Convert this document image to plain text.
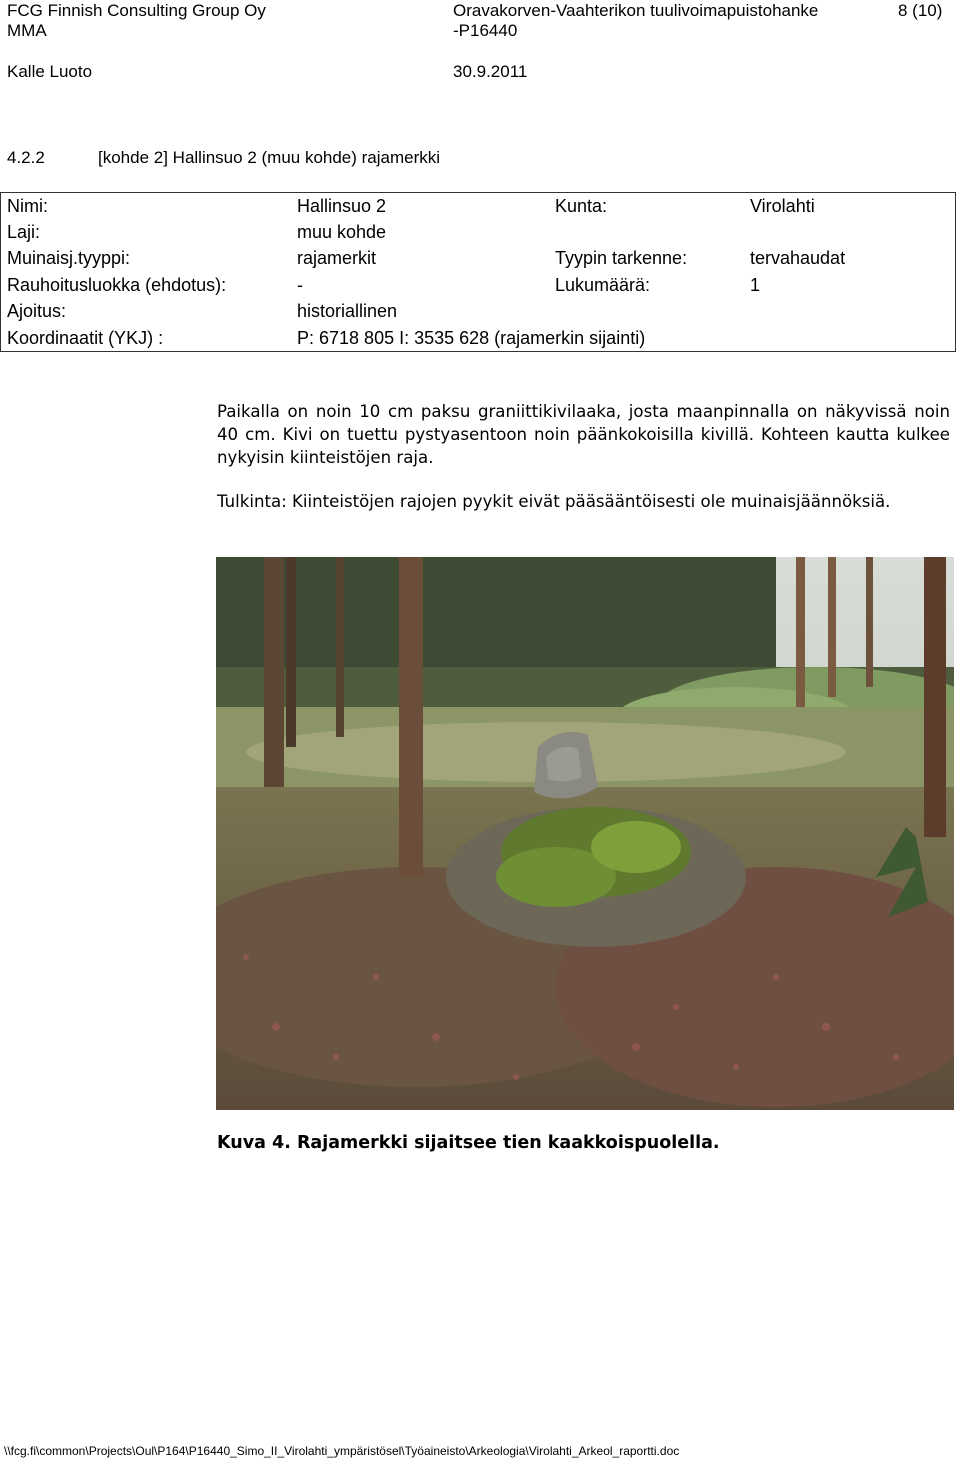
FCG Finnish Consulting Group Oy
MMA
Kalle Luoto
Oravakorven-Vaahterikon tuulivoimapuistohanke
-P16440
30.9.2011
8 (10)
4.2.2	[kohde 2] Hallinsuo 2 (muu kohde) rajamerkki
Nimi:	Hallinsuo 2	Kunta:	Virolahti
Laji:	muu kohde		
Muinaisj.tyyppi:	rajamerkit	Tyypin tarkenne:	tervahaudat
Rauhoitusluokka (ehdotus):	-	Lukumäärä:	1
Ajoitus:	historiallinen		
Koordinaatit (YKJ) :	P: 6718 805 I: 3535 628 (rajamerkin sijainti)		
Paikalla on noin 10 cm paksu graniittikivilaaka, josta maanpinnalla on näkyvissä noin 40 cm. Kivi on tuettu pystyasentoon noin päänkokoisilla kivillä. Kohteen kautta kulkee nykyisin kiinteistöjen raja.
Tulkinta: Kiinteistöjen rajojen pyykit eivät pääsääntöisesti ole muinaisjäännöksiä.
Kuva 4. Rajamerkki sijaitsee tien kaakkoispuolella.
\\fcg.fi\common\Projects\Oul\P164\P16440_Simo_II_Virolahti_ympäristösel\Työaineisto\Arkeologia\Virolahti_Arkeol_raportti.doc
